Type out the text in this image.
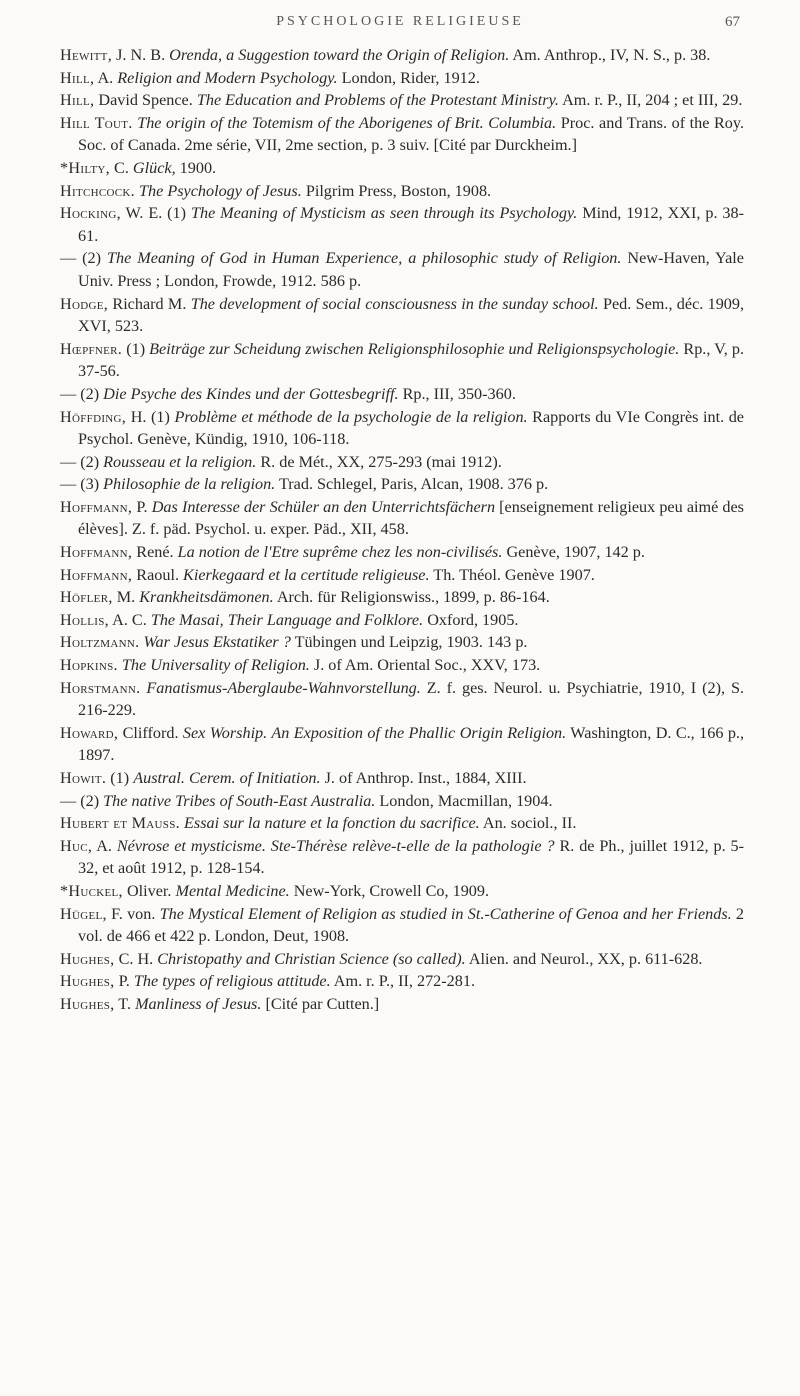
PSYCHOLOGIE RELIGIEUSE	67

Hewitt, J. N. B. Orenda, a Suggestion toward the Origin of Religion. Am. Anthrop., IV, N. S., p. 38.

Hill, A. Religion and Modern Psychology. London, Rider, 1912.

Hill, David Spence. The Education and Problems of the Protestant Ministry. Am. r. P., II, 204 ; et III, 29.

Hill Tout. The origin of the Totemism of the Aborigenes of Brit. Columbia. Proc. and Trans. of the Roy. Soc. of Canada. 2me série, VII, 2me section, p. 3 suiv. [Cité par Durckheim.]

*Hilty, C. Glück, 1900.

Hitchcock. The Psychology of Jesus. Pilgrim Press, Boston, 1908.

Hocking, W. E. (1) The Meaning of Mysticism as seen through its Psychology. Mind, 1912, XXI, p. 38-61.

— (2) The Meaning of God in Human Experience, a philosophic study of Religion. New-Haven, Yale Univ. Press ; London, Frowde, 1912. 586 p.

Hodge, Richard M. The development of social consciousness in the sunday school. Ped. Sem., déc. 1909, XVI, 523.

Hœpfner. (1) Beiträge zur Scheidung zwischen Religionsphilosophie und Religionspsychologie. Rp., V, p. 37-56.

— (2) Die Psyche des Kindes und der Gottesbegriff. Rp., III, 350-360.

Höffding, H. (1) Problème et méthode de la psychologie de la religion. Rapports du VIe Congrès int. de Psychol. Genève, Kündig, 1910, 106-118.

— (2) Rousseau et la religion. R. de Mét., XX, 275-293 (mai 1912).

— (3) Philosophie de la religion. Trad. Schlegel, Paris, Alcan, 1908. 376 p.

Hoffmann, P. Das Interesse der Schüler an den Unterrichtsfächern [enseignement religieux peu aimé des élèves]. Z. f. päd. Psychol. u. exper. Päd., XII, 458.

Hoffmann, René. La notion de l'Etre suprême chez les non-civilisés. Genève, 1907, 142 p.

Hoffmann, Raoul. Kierkegaard et la certitude religieuse. Th. Théol. Genève 1907.

Höfler, M. Krankheitsdämonen. Arch. für Religionswiss., 1899, p. 86-164.

Hollis, A. C. The Masai, Their Language and Folklore. Oxford, 1905.

Holtzmann. War Jesus Ekstatiker ? Tübingen und Leipzig, 1903. 143 p.

Hopkins. The Universality of Religion. J. of Am. Oriental Soc., XXV, 173.

Horstmann. Fanatismus-Aberglaube-Wahnvorstellung. Z. f. ges. Neurol. u. Psychiatrie, 1910, I (2), S. 216-229.

Howard, Clifford. Sex Worship. An Exposition of the Phallic Origin Religion. Washington, D. C., 166 p., 1897.

Howit. (1) Austral. Cerem. of Initiation. J. of Anthrop. Inst., 1884, XIII.

— (2) The native Tribes of South-East Australia. London, Macmillan, 1904.

Hubert et Mauss. Essai sur la nature et la fonction du sacrifice. An. sociol., II.

Huc, A. Névrose et mysticisme. Ste-Thérèse relève-t-elle de la pathologie ? R. de Ph., juillet 1912, p. 5-32, et août 1912, p. 128-154.

*Huckel, Oliver. Mental Medicine. New-York, Crowell Co, 1909.

Hügel, F. von. The Mystical Element of Religion as studied in St.-Catherine of Genoa and her Friends. 2 vol. de 466 et 422 p. London, Deut, 1908.

Hughes, C. H. Christopathy and Christian Science (so called). Alien. and Neurol., XX, p. 611-628.

Hughes, P. The types of religious attitude. Am. r. P., II, 272-281.

Hughes, T. Manliness of Jesus. [Cité par Cutten.]
